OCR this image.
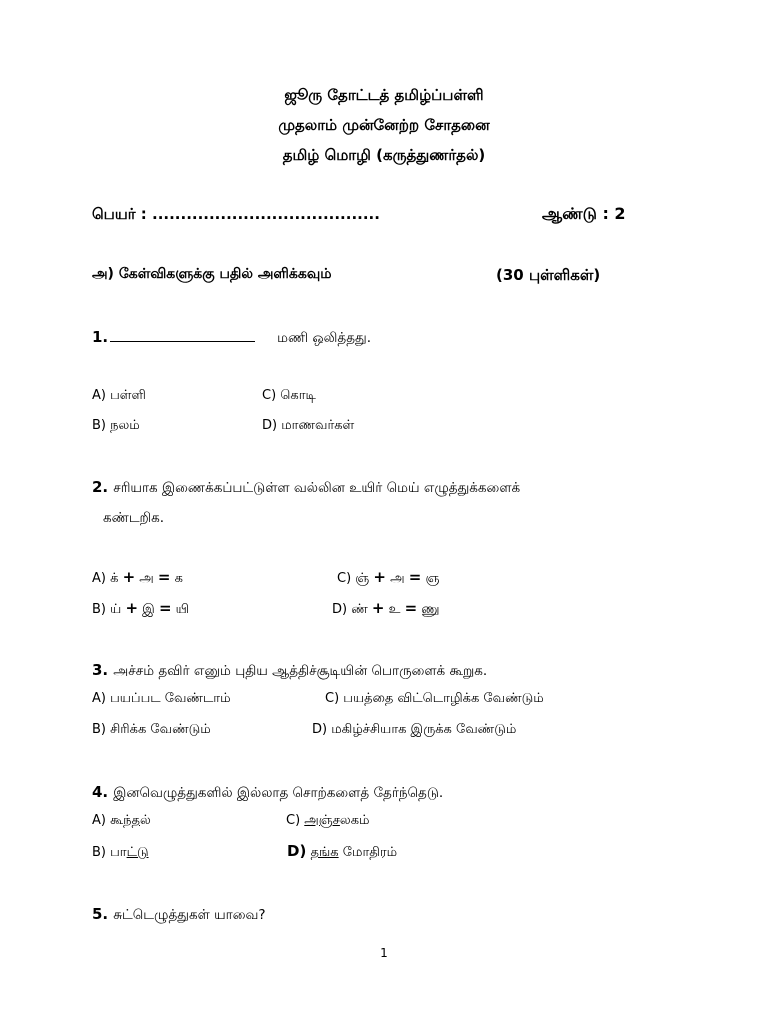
ஜூரு தோட்டத் தமிழ்ப்பள்ளி
முதலாம் முன்னேற்ற சோதனை
தமிழ் மொழி (கருத்துணர்தல்)
பெயர் : ........................................	ஆண்டு : 2
அ) கேள்விகளுக்கு பதில் அளிக்கவும்	(30 புள்ளிகள்)
1.	மணி ஒலித்தது.
A) பள்ளி	C) கொடி
B) நலம்	D) மாணவர்கள்
2. சரியாக இணைக்கப்பட்டுள்ள வல்லின உயிர் மெய் எழுத்துக்களைக்
கண்டறிக.
A) க் + அ = க	C) ஞ் + அ = ஞ
B) ய் + இ = யி	D) ண் + உ = ணு
3. அச்சம் தவிர் எனும் புதிய ஆத்திச்சூடியின் பொருளைக் கூறுக.
A) பயப்பட வேண்டாம்	C) பயத்தை விட்டொழிக்க வேண்டும்
B) சிரிக்க வேண்டும்	D) மகிழ்ச்சியாக இருக்க வேண்டும்
4. இனவெழுத்துகளில் இல்லாத சொற்களைத் தேர்ந்தெடு.
A) கூந்தல்	C) அஞ்சலகம்
B) பாட்டு	D) தங்க மோதிரம்
5. சுட்டெழுத்துகள் யாவை?
1
